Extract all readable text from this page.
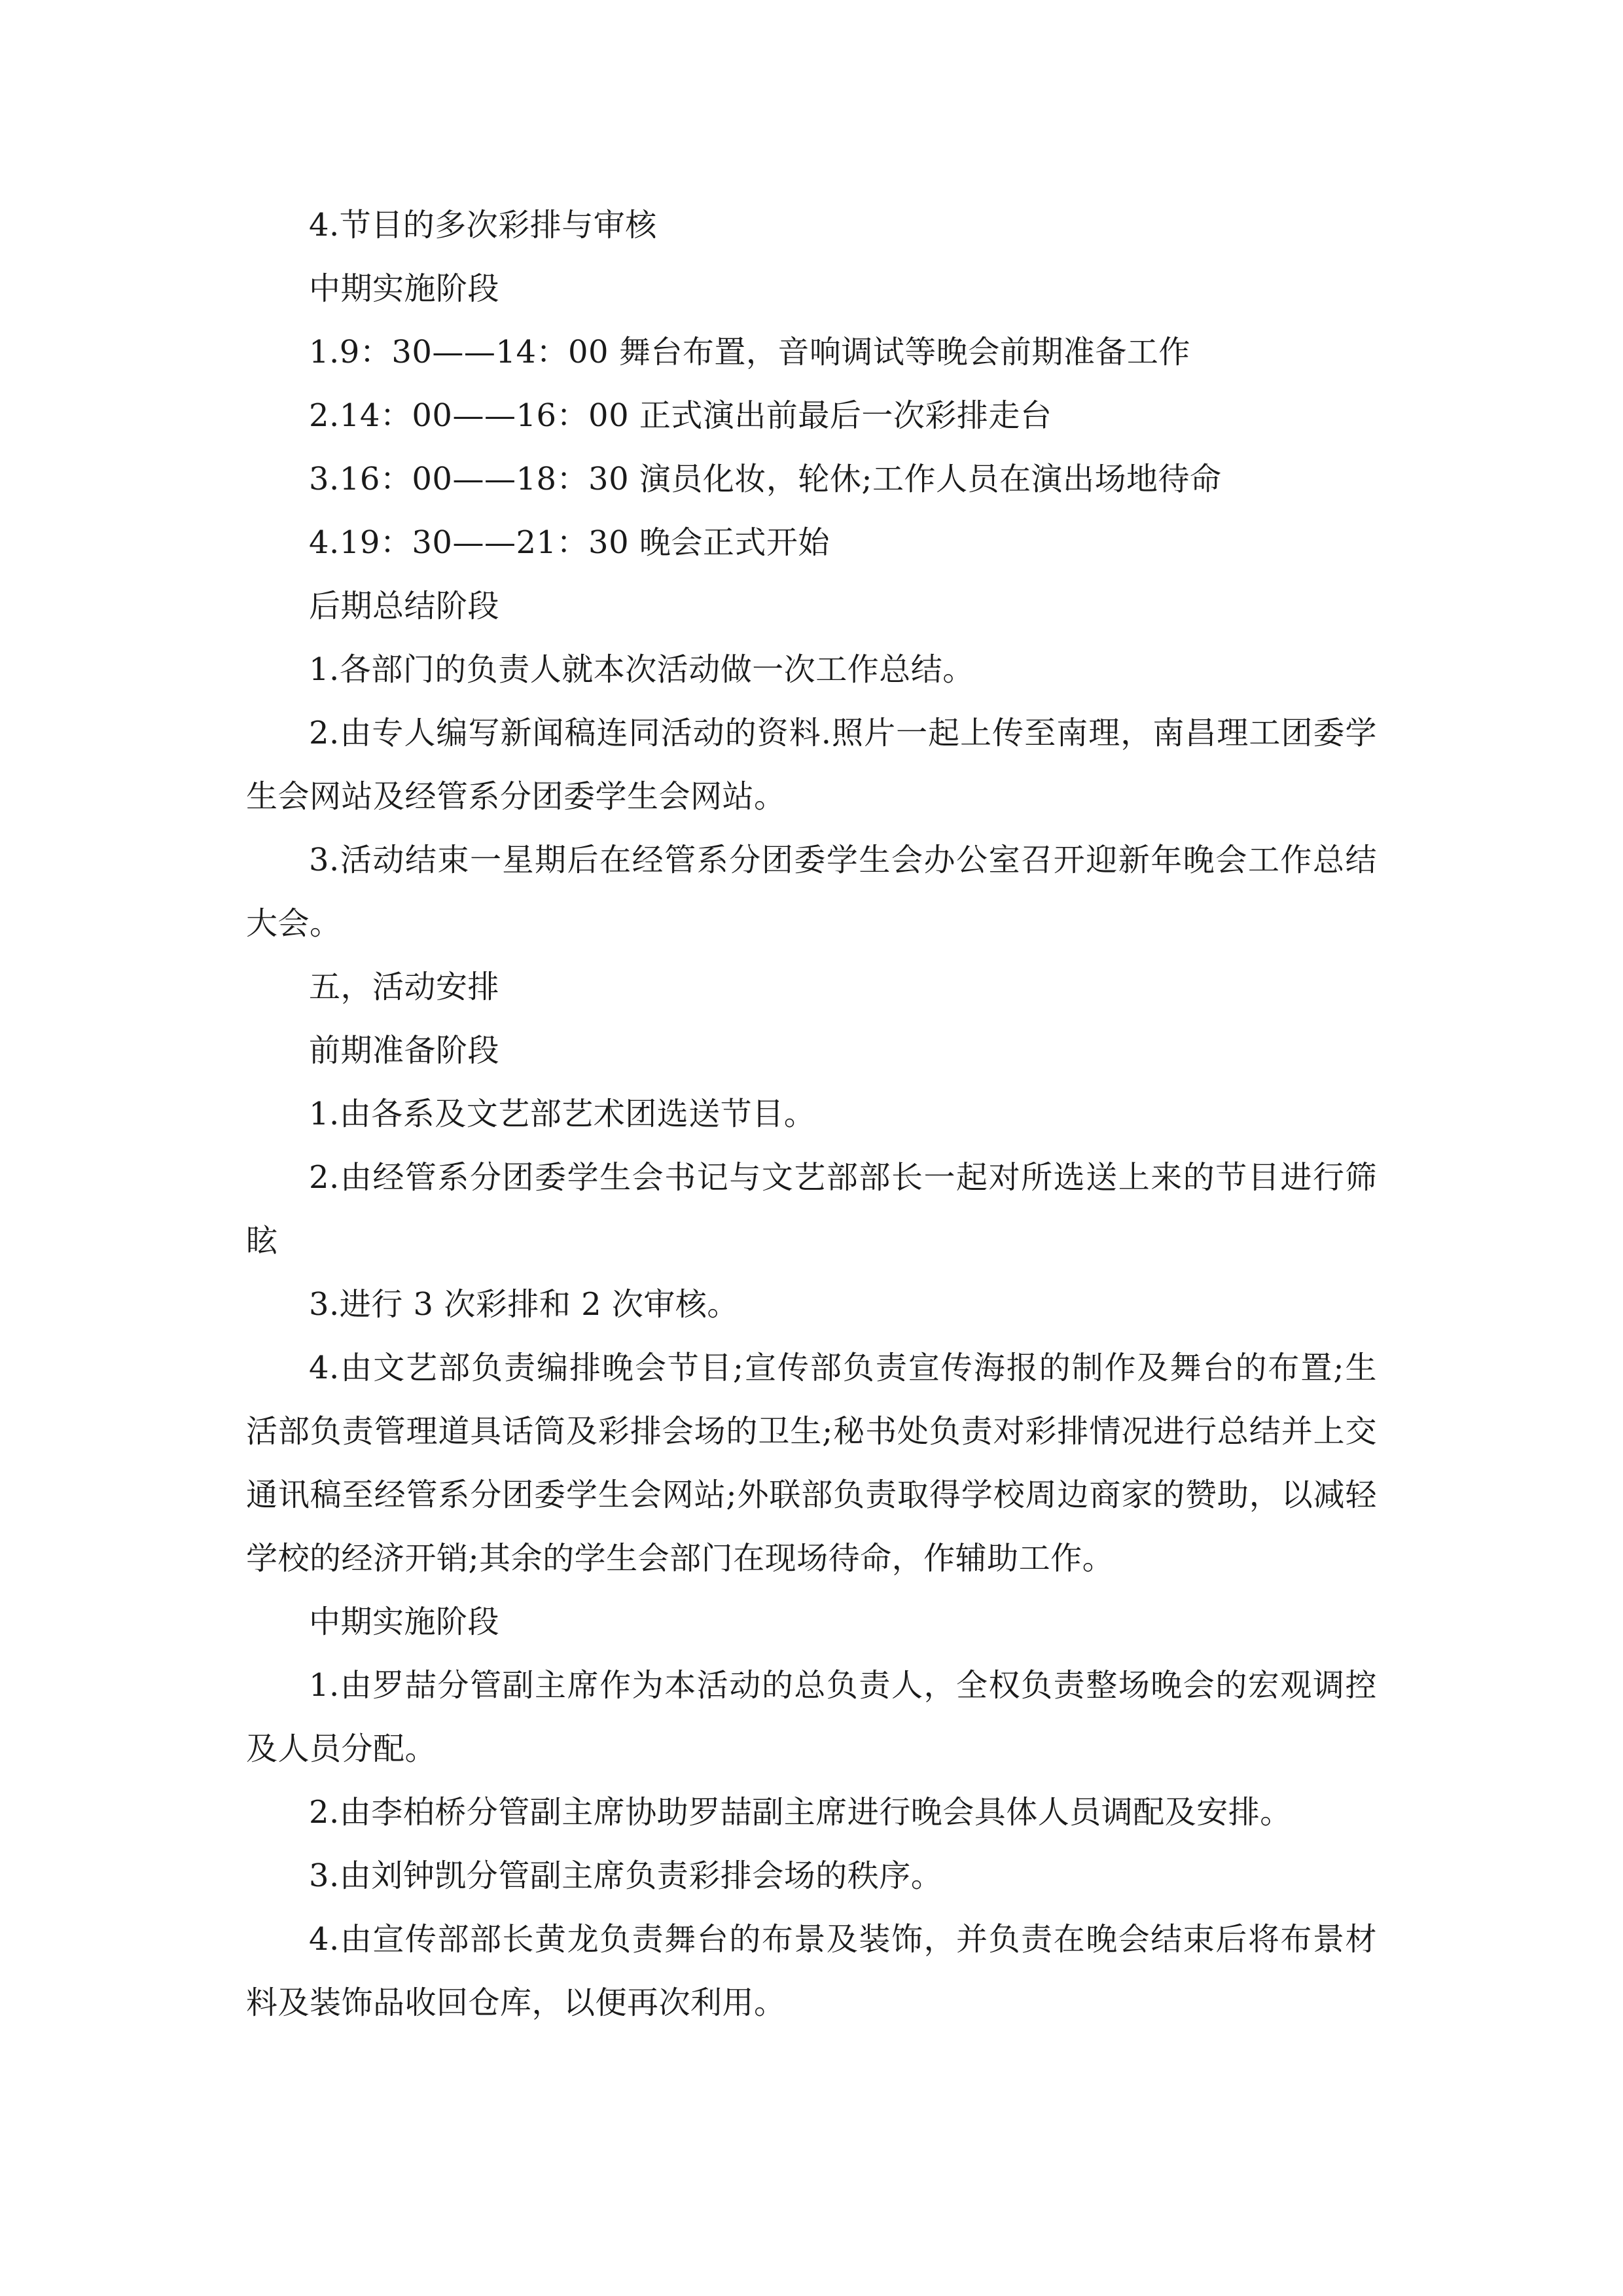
4.节目的多次彩排与审核

中期实施阶段

1.9：30——14：00 舞台布置，音响调试等晚会前期准备工作

2.14：00——16：00 正式演出前最后一次彩排走台

3.16：00——18：30 演员化妆，轮休;工作人员在演出场地待命

4.19：30——21：30 晚会正式开始

后期总结阶段

1.各部门的负责人就本次活动做一次工作总结。

2.由专人编写新闻稿连同活动的资料.照片一起上传至南理，南昌理工团委学生会网站及经管系分团委学生会网站。

3.活动结束一星期后在经管系分团委学生会办公室召开迎新年晚会工作总结大会。

五，活动安排

前期准备阶段

1.由各系及文艺部艺术团选送节目。

2.由经管系分团委学生会书记与文艺部部长一起对所选送上来的节目进行筛眩

3.进行 3 次彩排和 2 次审核。

4.由文艺部负责编排晚会节目;宣传部负责宣传海报的制作及舞台的布置;生活部负责管理道具话筒及彩排会场的卫生;秘书处负责对彩排情况进行总结并上交通讯稿至经管系分团委学生会网站;外联部负责取得学校周边商家的赞助，以减轻学校的经济开销;其余的学生会部门在现场待命，作辅助工作。

中期实施阶段

1.由罗喆分管副主席作为本活动的总负责人，全权负责整场晚会的宏观调控及人员分配。

2.由李柏桥分管副主席协助罗喆副主席进行晚会具体人员调配及安排。

3.由刘钟凯分管副主席负责彩排会场的秩序。

4.由宣传部部长黄龙负责舞台的布景及装饰，并负责在晚会结束后将布景材料及装饰品收回仓库，以便再次利用。
